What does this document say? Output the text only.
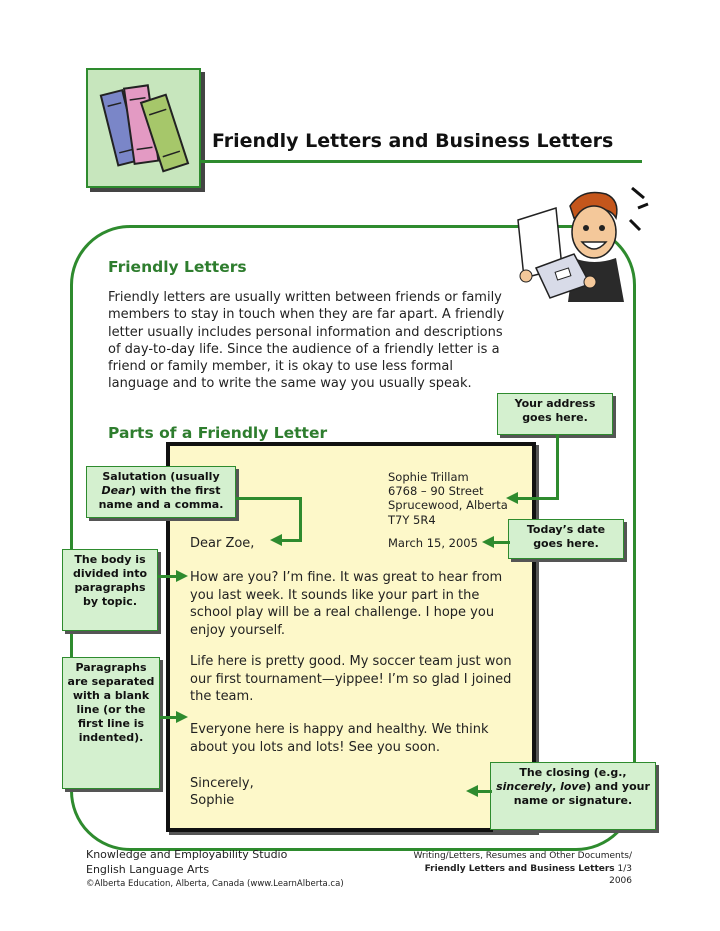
Friendly Letters and Business Letters
Friendly Letters
Friendly letters are usually written between friends or family members to stay in touch when they are far apart. A friendly letter usually includes personal information and descriptions of day-to-day life. Since the audience of a friendly letter is a friend or family member, it is okay to use less formal language and to write the same way you usually speak.
Parts of a Friendly Letter
Sophie Trillam
6768 – 90 Street
Sprucewood, Alberta
T7Y 5R4
March 15, 2005
Dear Zoe,
How are you? I’m fine. It was great to hear from you last week. It sounds like your part in the school play will be a real challenge. I hope you enjoy yourself.
Life here is pretty good. My soccer team just won our first tournament—yippee! I’m so glad I joined the team.
Everyone here is happy and healthy. We think about you lots and lots! See you soon.
Sincerely,
Sophie
Your address goes here.
Today’s date goes here.
Salutation (usually Dear) with the first name and a comma.
The body is divided into paragraphs by topic.
Paragraphs are separated with a blank line (or the first line is indented).
The closing (e.g., sincerely, love) and your name or signature.
Knowledge and Employability Studio
English Language Arts
©Alberta Education, Alberta, Canada (www.LearnAlberta.ca)
Writing/Letters, Resumes and Other Documents/
Friendly Letters and Business Letters 1/3
2006
